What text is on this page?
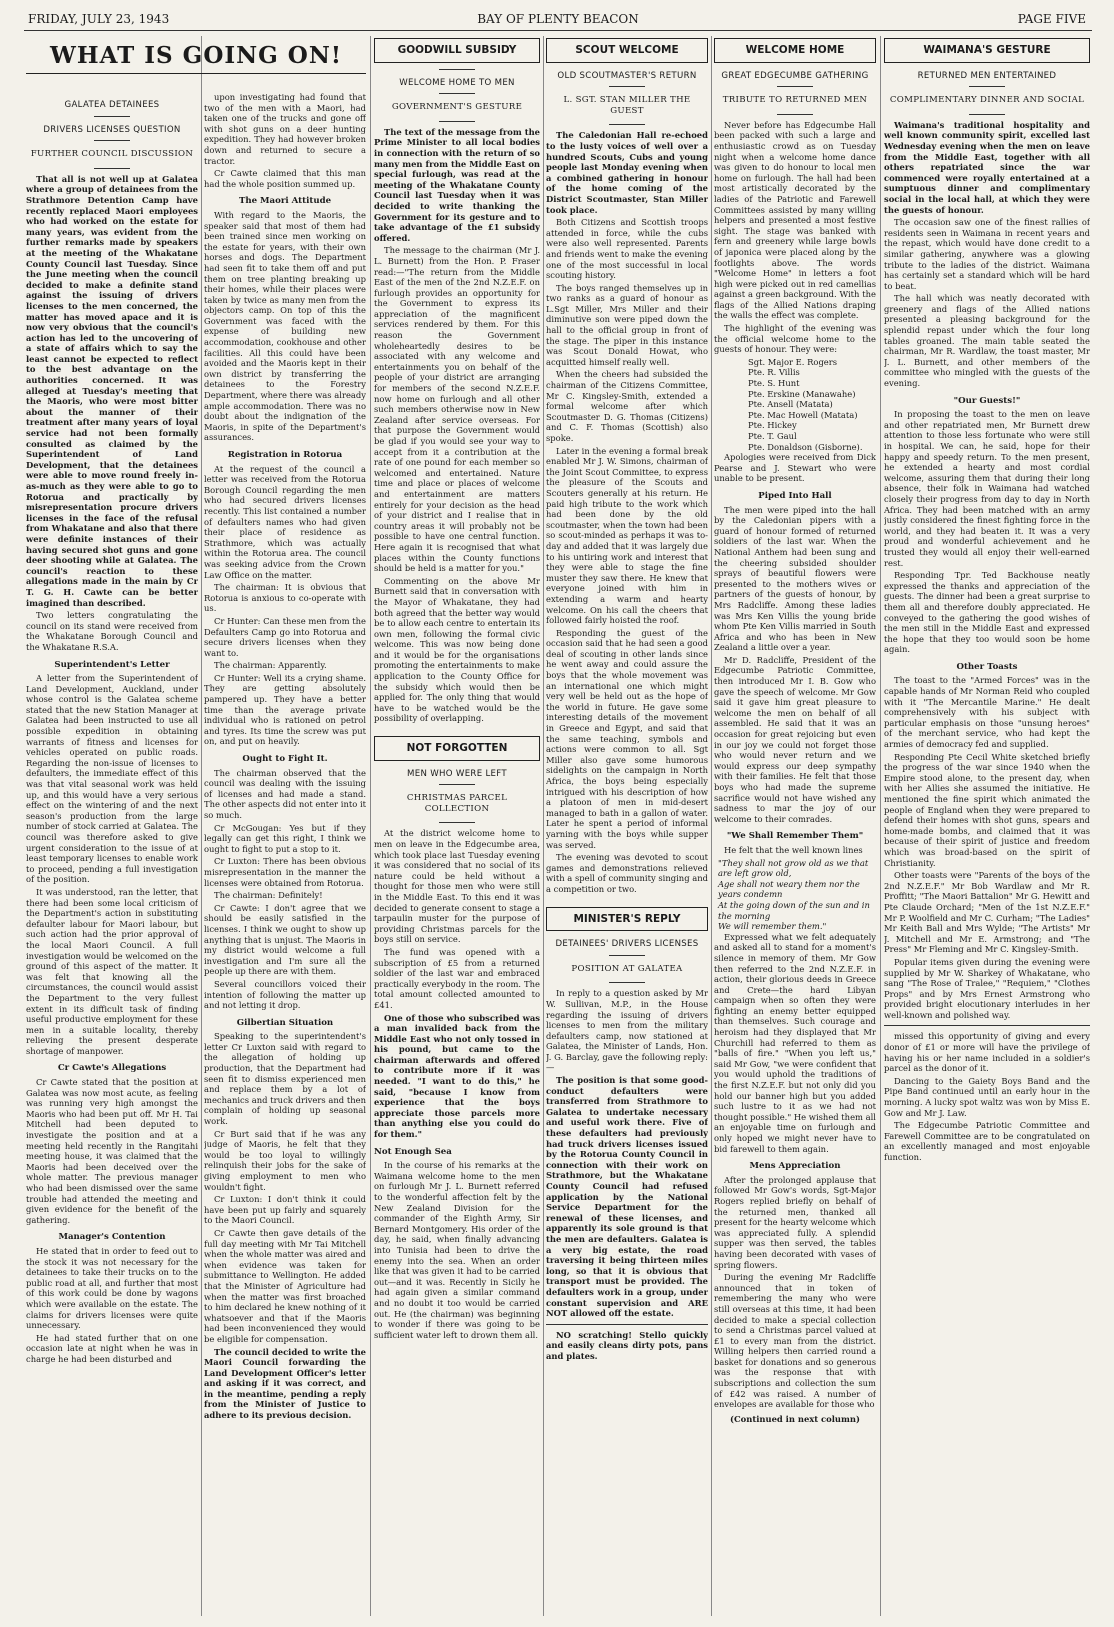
FRIDAY, JULY 23, 1943	BAY OF PLENTY BEACON	PAGE FIVE
WHAT IS GOING ON!
GALATEA DETAINEES
DRIVERS LICENSES QUESTION
FURTHER COUNCIL DISCUSSION

That all is not well up at Galatea where a group of detainees from the Strathmore Detention Camp have recently replaced Maori employees who had worked on the estate for many years, was evident from the further remarks made by speakers at the meeting of the Whakatane County Council last Tuesday. Since the June meeting when the council decided to make a definite stand against the issuing of drivers licenses to the men concerned, the matter has moved apace and it is now very obvious that the council's action has led to the uncovering of a state of affairs which to say the least cannot be expected to reflect to the best advantage on the authorities concerned. It was alleged at Tuesday's meeting that the Maoris, who were most bitter about the manner of their treatment after many years of loyal service had not been formally consulted as claimed by the Superintendent of Land Development, that the detainees were able to move round freely in-as-much as they were able to go to Rotorua and practically by misrepresentation procure drivers licenses in the face of the refusal from Whakatane and also that there were definite instances of their having secured shot guns and gone deer shooting while at Galatea. The council's reaction to these allegations made in the main by Cr T. G. H. Cawte can be better imagined than described.

Two letters congratulating the council on its stand were received from the Whakatane Borough Council and the Whakatane R.S.A.

Superintendent's Letter

A letter from the Superintendent of Land Development, Auckland, under whose control is the Galatea scheme stated that the new Station Manager at Galatea had been instructed to use all possible expedition in obtaining warrants of fitness and licenses for vehicles operated on public roads. Regarding the non-issue of licenses to defaulters, the immediate effect of this was that vital seasonal work was held up, and this would have a very serious effect on the wintering of and the next season's production from the large number of stock carried at Galatea. The council was therefore asked to give urgent consideration to the issue of at least temporary licenses to enable work to proceed, pending a full investigation of the position.

It was understood, ran the letter, that there had been some local criticism of the Department's action in substituting defaulter labour for Maori labour, but such action had the prior approval of the local Maori Council. A full investigation would be welcomed on the ground of this aspect of the matter. It was felt that knowing all the circumstances, the council would assist the Department to the very fullest extent in its difficult task of finding useful productive employment for these men in a suitable locality, thereby relieving the present desperate shortage of manpower.

Cr Cawte's Allegations

Cr Cawte stated that the position at Galatea was now most acute, as feeling was running very high amongst the Maoris who had been put off. Mr H. Tai Mitchell had been deputed to investigate the position and at a meeting held recently in the Rangitahi meeting house, it was claimed that the Maoris had been deceived over the whole matter. The previous manager who had been dismissed over the same trouble had attended the meeting and given evidence for the benefit of the gathering.

Manager's Contention

He stated that in order to feed out to the stock it was not necessary for the detainees to take their trucks on to the public road at all, and further that most of this work could be done by wagons which were available on the estate. The claims for drivers licenses were quite unnecessary.

He had stated further that on one occasion late at night when he was in charge he had been disturbed and

upon investigating had found that two of the men with a Maori, had taken one of the trucks and gone off with shot guns on a deer hunting expedition. They had however broken down and returned to secure a tractor.

Cr Cawte claimed that this man had the whole position summed up.

The Maori Attitude

With regard to the Maoris, the speaker said that most of them had been trained since men working on the estate for years, with their own horses and dogs. The Department had seen fit to take them off and put them on tree planting breaking up their homes, while their places were taken by twice as many men from the objectors camp. On top of this the Government was faced with the expense of building new accommodation, cookhouse and other facilities. All this could have been avoided and the Maoris kept in their own district by transferring the detainees to the Forestry Department, where there was already ample accommodation. There was no doubt about the indignation of the Maoris, in spite of the Department's assurances.

Registration in Rotorua

At the request of the council a letter was received from the Rotorua Borough Council regarding the men who had secured drivers licenses recently. This list contained a number of defaulters names who had given their place of residence as Strathmore, which was actually within the Rotorua area. The council was seeking advice from the Crown Law Office on the matter.

The chairman: It is obvious that Rotorua is anxious to co-operate with us.

Cr Hunter: Can these men from the Defaulters Camp go into Rotorua and secure drivers licenses when they want to.

The chairman: Apparently.

Cr Hunter: Well its a crying shame. They are getting absolutely pampered up. They have a better time than the average private individual who is rationed on petrol and tyres. Its time the screw was put on, and put on heavily.

Ought to Fight It.

The chairman observed that the council was dealing with the issuing of licenses and had made a stand. The other aspects did not enter into it so much.

Cr McGougan: Yes but if they legally can get this right, I think we ought to fight to put a stop to it.

Cr Luxton: There has been obvious misrepresentation in the manner the licenses were obtained from Rotorua.

The chairman: Definitely!

Cr Cawte: I don't agree that we should be easily satisfied in the licenses. I think we ought to show up anything that is unjust. The Maoris in my district would welcome a full investigation and I'm sure all the people up there are with them.

Several councillors voiced their intention of following the matter up and not letting it drop.

Gilbertian Situation

Speaking to the superintendent's letter Cr Luxton said with regard to the allegation of holding up production, that the Department had seen fit to dismiss experienced men and replace them by a lot of mechanics and truck drivers and then complain of holding up seasonal work.

Cr Burt said that if he was any judge of Maoris, he felt that they would be too loyal to willingly relinquish their jobs for the sake of giving employment to men who wouldn't fight.

Cr Luxton: I don't think it could have been put up fairly and squarely to the Maori Council.

Cr Cawte then gave details of the full day meeting with Mr Tai Mitchell when the whole matter was aired and when evidence was taken for submittance to Wellington. He added that the Minister of Agriculture had when the matter was first broached to him declared he knew nothing of it whatsoever and that if the Maoris had been inconvenienced they would be eligible for compensation.

The council decided to write the Maori Council forwarding the Land Development Officer's letter and asking if it was correct, and in the meantime, pending a reply from the Minister of Justice to adhere to its previous decision.

GOODWILL SUBSIDY
WELCOME HOME TO MEN
GOVERNMENT'S GESTURE

The text of the message from the Prime Minister to all local bodies in connection with the return of so many men from the Middle East on special furlough, was read at the meeting of the Whakatane County Council last Tuesday when it was decided to write thanking the Government for its gesture and to take advantage of the £1 subsidy offered.

The message to the chairman (Mr J. L. Burnett) from the Hon. P. Fraser read:—"The return from the Middle East of the men of the 2nd N.Z.E.F. on furlough provides an opportunity for the Government to express its appreciation of the magnificent services rendered by them. For this reason the Government wholeheartedly desires to be associated with any welcome and entertainments you on behalf of the people of your district are arranging for members of the second N.Z.E.F. now home on furlough and all other such members otherwise now in New Zealand after service overseas. For that purpose the Government would be glad if you would see your way to accept from it a contribution at the rate of one pound for each member so welcomed and entertained. Nature time and place or places of welcome and entertainment are matters entirely for your decision as the head of your district and I realise that in country areas it will probably not be possible to have one central function. Here again it is recognised that what places within the County functions should be held is a matter for you."

Commenting on the above Mr Burnett said that in conversation with the Mayor of Whakatane, they had both agreed that the better way would be to allow each centre to entertain its own men, following the formal civic welcome. This was now being done and it would be for the organisations promoting the entertainments to make application to the County Office for the subsidy which would then be applied for. The only thing that would have to be watched would be the possibility of overlapping.

NOT FORGOTTEN
MEN WHO WERE LEFT
CHRISTMAS PARCEL COLLECTION

At the district welcome home to men on leave in the Edgecumbe area, which took place last Tuesday evening it was considered that no social of its nature could be held without a thought for those men who were still in the Middle East. To this end it was decided to generate consent to stage a tarpaulin muster for the purpose of providing Christmas parcels for the boys still on service.

The fund was opened with a subscription of £5 from a returned soldier of the last war and embraced practically everybody in the room. The total amount collected amounted to £41.

One of those who subscribed was a man invalided back from the Middle East who not only tossed in his pound, but came to the chairman afterwards and offered to contribute more if it was needed. "I want to do this," he said, "because I know from experience that the boys appreciate those parcels more than anything else you could do for them."

Not Enough Sea

In the course of his remarks at the Waimana welcome home to the men on furlough Mr J. L. Burnett referred to the wonderful affection felt by the New Zealand Division for the commander of the Eighth Army, Sir Bernard Montgomery. His order of the day, he said, when finally advancing into Tunisia had been to drive the enemy into the sea. When an order like that was given it had to be carried out—and it was. Recently in Sicily he had again given a similar command and no doubt it too would be carried out. He (the chairman) was beginning to wonder if there was going to be sufficient water left to drown them all.

SCOUT WELCOME
OLD SCOUTMASTER'S RETURN
L. SGT. STAN MILLER THE GUEST

The Caledonian Hall re-echoed to the lusty voices of well over a hundred Scouts, Cubs and young people last Monday evening when a combined gathering in honour of the home coming of the District Scoutmaster, Stan Miller took place.

Both Citizens and Scottish troops attended in force, while the cubs were also well represented. Parents and friends went to make the evening one of the most successful in local scouting history.

The boys ranged themselves up in two ranks as a guard of honour as L.Sgt Miller, Mrs Miller and their diminutive son were piped down the hall to the official group in front of the stage. The piper in this instance was Scout Donald Howat, who acquitted himself really well.

When the cheers had subsided the chairman of the Citizens Committee, Mr C. Kingsley-Smith, extended a formal welcome after which Scoutmaster D. G. Thomas (Citizens) and C. F. Thomas (Scottish) also spoke.

Later in the evening a formal break enabled Mr J. W. Simons, chairman of the Joint Scout Committee, to express the pleasure of the Scouts and Scouters generally at his return. He paid high tribute to the work which had been done by the old scoutmaster, when the town had been so scout-minded as perhaps it was to-day and added that it was largely due to his untiring work and interest that they were able to stage the fine muster they saw there. He knew that everyone joined with him in extending a warm and hearty welcome. On his call the cheers that followed fairly hoisted the roof.

Responding the guest of the occasion said that he had seen a good deal of scouting in other lands since he went away and could assure the boys that the whole movement was an international one which might very well be held out as the hope of the world in future. He gave some interesting details of the movement in Greece and Egypt, and said that the same teaching, symbols and actions were common to all. Sgt Miller also gave some humorous sidelights on the campaign in North Africa, the boys being especially intrigued with his description of how a platoon of men in mid-desert managed to bath in a gallon of water. Later he spent a period of informal yarning with the boys while supper was served.

The evening was devoted to scout games and demonstrations relieved with a spell of community singing and a competition or two.

MINISTER'S REPLY
DETAINEES' DRIVERS LICENSES
POSITION AT GALATEA

In reply to a question asked by Mr W. Sullivan, M.P., in the House regarding the issuing of drivers licenses to men from the military defaulters camp, now stationed at Galatea, the Minister of Lands, Hon. J. G. Barclay, gave the following reply:—

The position is that some good-conduct defaulters were transferred from Strathmore to Galatea to undertake necessary and useful work there. Five of these defaulters had previously had truck drivers licenses issued by the Rotorua County Council in connection with their work on Strathmore, but the Whakatane County Council had refused application by the National Service Department for the renewal of these licenses, and apparently its sole ground is that the men are defaulters. Galatea is a very big estate, the road traversing it being thirteen miles long, so that it is obvious that transport must be provided. The defaulters work in a group, under constant supervision and ARE NOT allowed off the estate.

NO scratching! Stello quickly and easily cleans dirty pots, pans and plates.

WELCOME HOME
GREAT EDGECUMBE GATHERING
TRIBUTE TO RETURNED MEN

Never before has Edgecumbe Hall been packed with such a large and enthusiastic crowd as on Tuesday night when a welcome home dance was given to do honour to local men home on furlough. The hall had been most artistically decorated by the ladies of the Patriotic and Farewell Committees assisted by many willing helpers and presented a most festive sight. The stage was banked with fern and greenery while large bowls of japonica were placed along by the footlights above. The words "Welcome Home" in letters a foot high were picked out in red camellias against a green background. With the flags of the Allied Nations draping the walls the effect was complete.

The highlight of the evening was the official welcome home to the guests of honour. They were:

Sgt. Major E. Rogers
Pte. R. Villis
Pte. S. Hunt
Pte. Erskine (Manawahe)
Pte. Ansell (Matata)
Pte. Mac Howell (Matata)
Pte. Hickey
Pte. T. Gaul
Pte. Donaldson (Gisborne).

Apologies were received from Dick Pearse and J. Stewart who were unable to be present.

Piped Into Hall

The men were piped into the hall by the Caledonian pipers with a guard of honour formed of returned soldiers of the last war. When the National Anthem had been sung and the cheering subsided shoulder sprays of beautiful flowers were presented to the mothers wives or partners of the guests of honour, by Mrs Radcliffe. Among these ladies was Mrs Ken Villis the young bride whom Pte Ken Villis married in South Africa and who has been in New Zealand a little over a year.

Mr D. Radcliffe, President of the Edgecumbe Patriotic Committee, then introduced Mr I. B. Gow who gave the speech of welcome. Mr Gow said it gave him great pleasure to welcome the men on behalf of all assembled. He said that it was an occasion for great rejoicing but even in our joy we could not forget those who would never return and we would express our deep sympathy with their families. He felt that those boys who had made the supreme sacrifice would not have wished any sadness to mar the joy of our welcome to their comrades.

"We Shall Remember Them"

He felt that the well known lines

"They shall not grow old as we that are left grow old,
Age shall not weary them nor the years condemn
At the going down of the sun and in the morning
We will remember them."

Expressed what we felt adequately and asked all to stand for a moment's silence in memory of them. Mr Gow then referred to the 2nd N.Z.E.F. in action, their glorious deeds in Greece and Crete—the hard Libyan campaign when so often they were fighting an enemy better equipped than themselves. Such courage and heroism had they displayed that Mr Churchill had referred to them as "balls of fire." "When you left us," said Mr Gow, "we were confident that you would uphold the traditions of the first N.Z.E.F. but not only did you hold our banner high but you added such lustre to it as we had not thought possible." He wished them all an enjoyable time on furlough and only hoped we might never have to bid farewell to them again.

Mens Appreciation

After the prolonged applause that followed Mr Gow's words, Sgt-Major Rogers replied briefly on behalf of the returned men, thanked all present for the hearty welcome which was appreciated fully. A splendid supper was then served, the tables having been decorated with vases of spring flowers.

During the evening Mr Radcliffe announced that in token of remembering the many who were still overseas at this time, it had been decided to make a special collection to send a Christmas parcel valued at £1 to every man from the district. Willing helpers then carried round a basket for donations and so generous was the response that with subscriptions and collection the sum of £42 was raised. A number of envelopes are available for those who

(Continued in next column)
WAIMANA'S GESTURE
RETURNED MEN ENTERTAINED
COMPLIMENTARY DINNER AND SOCIAL

Waimana's traditional hospitality and well known community spirit, excelled last Wednesday evening when the men on leave from the Middle East, together with all others repatriated since the war commenced were royally entertained at a sumptuous dinner and complimentary social in the local hall, at which they were the guests of honour.

The occasion saw one of the finest rallies of residents seen in Waimana in recent years and the repast, which would have done credit to a similar gathering, anywhere was a glowing tribute to the ladies of the district. Waimana has certainly set a standard which will be hard to beat.

The hall which was neatly decorated with greenery and flags of the Allied nations presented a pleasing background for the splendid repast under which the four long tables groaned. The main table seated the chairman, Mr R. Wardlaw, the toast master, Mr J. L. Burnett, and other members of the committee who mingled with the guests of the evening.

"Our Guests!"

In proposing the toast to the men on leave and other repatriated men, Mr Burnett drew attention to those less fortunate who were still in hospital. We can, he said, hope for their happy and speedy return. To the men present, he extended a hearty and most cordial welcome, assuring them that during their long absence, their folk in Waimana had watched closely their progress from day to day in North Africa. They had been matched with an army justly considered the finest fighting force in the world, and they had beaten it. It was a very proud and wonderful achievement and he trusted they would all enjoy their well-earned rest.

Responding Tpr. Ted Backhouse neatly expressed the thanks and appreciation of the guests. The dinner had been a great surprise to them all and therefore doubly appreciated. He conveyed to the gathering the good wishes of the men still in the Middle East and expressed the hope that they too would soon be home again.

Other Toasts

The toast to the "Armed Forces" was in the capable hands of Mr Norman Reid who coupled with it "The Mercantile Marine." He dealt comprehensively with his subject with particular emphasis on those "unsung heroes" of the merchant service, who had kept the armies of democracy fed and supplied.

Responding Pte Cecil White sketched briefly the progress of the war since 1940 when the Empire stood alone, to the present day, when with her Allies she assumed the initiative. He mentioned the fine spirit which animated the people of England when they were prepared to defend their homes with shot guns, spears and home-made bombs, and claimed that it was because of their spirit of justice and freedom which was broad-based on the spirit of Christianity.

Other toasts were "Parents of the boys of the 2nd N.Z.E.F." Mr Bob Wardlaw and Mr R. Proffitt; "The Maori Battalion" Mr G. Hewitt and Pte Claude Orchard; "Men of the 1st N.Z.E.F." Mr P. Woolfield and Mr C. Curham; "The Ladies" Mr Keith Ball and Mrs Wylde; "The Artists" Mr J. Mitchell and Mr E. Armstrong; and "The Press" Mr Fleming and Mr C. Kingsley-Smith.

Popular items given during the evening were supplied by Mr W. Sharkey of Whakatane, who sang "The Rose of Tralee," "Requiem," "Clothes Props" and by Mrs Ernest Armstrong who provided bright elocutionary interludes in her well-known and polished way.

missed this opportunity of giving and every donor of £1 or more will have the privilege of having his or her name included in a soldier's parcel as the donor of it.

Dancing to the Gaiety Boys Band and the Pipe Band continued until an early hour in the morning. A lucky spot waltz was won by Miss E. Gow and Mr J. Law.

The Edgecumbe Patriotic Committee and Farewell Committee are to be congratulated on an excellently managed and most enjoyable function.
